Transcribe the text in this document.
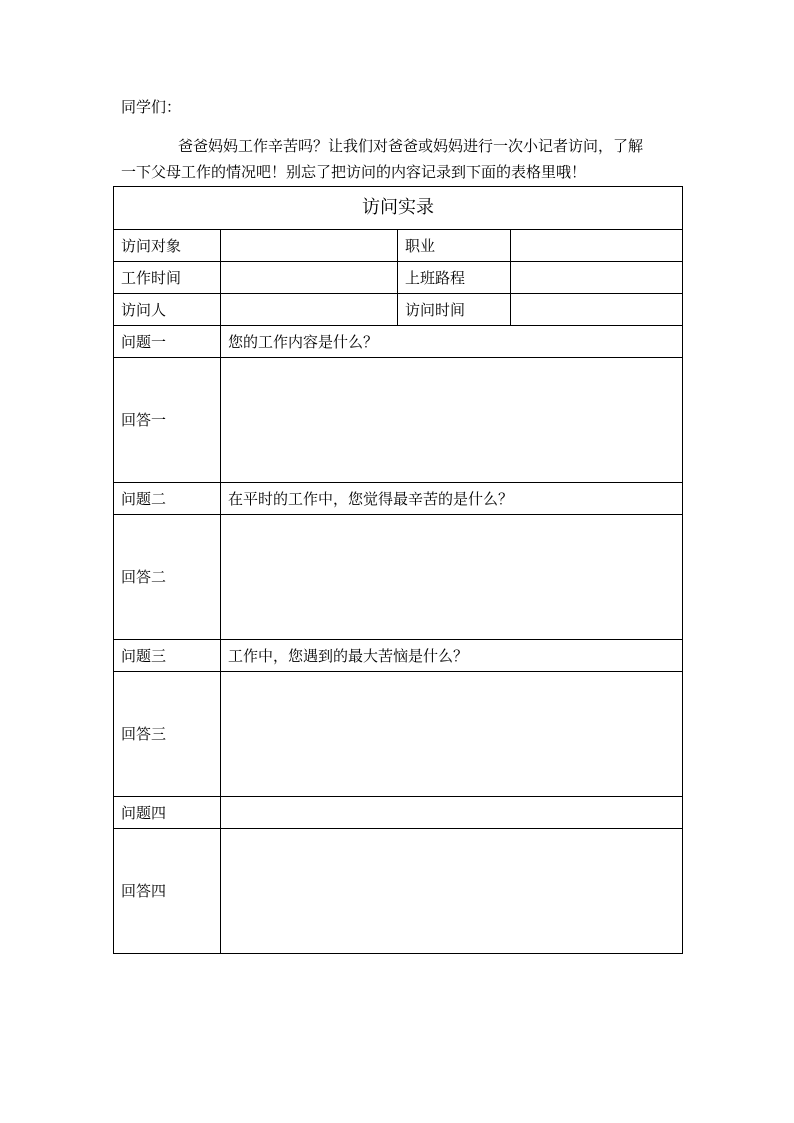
同学们：
爸爸妈妈工作辛苦吗？让我们对爸爸或妈妈进行一次小记者访问，了解
一下父母工作的情况吧！别忘了把访问的内容记录到下面的表格里哦！
访问实录			
访问对象		职业	
工作时间		上班路程	
访问人		访问时间	
问题一	您的工作内容是什么？		
回答一			
问题二	在平时的工作中，您觉得最辛苦的是什么？		
回答二			
问题三	工作中，您遇到的最大苦恼是什么？		
回答三			
问题四			
回答四			
